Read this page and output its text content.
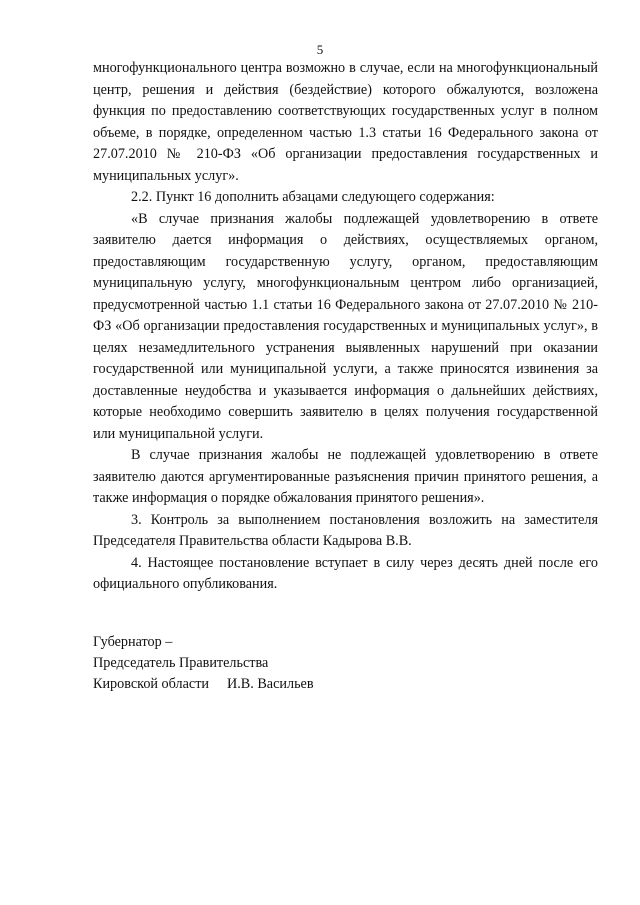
5

многофункционального центра возможно в случае, если на многофункциональный центр, решения и действия (бездействие) которого обжалуются, возложена функция по предоставлению соответствующих государственных услуг в полном объеме, в порядке, определенном частью 1.3 статьи 16 Федерального закона от 27.07.2010 № 210-ФЗ «Об организации предоставления государственных и муниципальных услуг».

2.2. Пункт 16 дополнить абзацами следующего содержания:

«В случае признания жалобы подлежащей удовлетворению в ответе заявителю дается информация о действиях, осуществляемых органом, предоставляющим государственную услугу, органом, предоставляющим муниципальную услугу, многофункциональным центром либо организацией, предусмотренной частью 1.1 статьи 16 Федерального закона от 27.07.2010 № 210-ФЗ «Об организации предоставления государственных и муниципальных услуг», в целях незамедлительного устранения выявленных нарушений при оказании государственной или муниципальной услуги, а также приносятся извинения за доставленные неудобства и указывается информация о дальнейших действиях, которые необходимо совершить заявителю в целях получения государственной или муниципальной услуги.

В случае признания жалобы не подлежащей удовлетворению в ответе заявителю даются аргументированные разъяснения причин принятого решения, а также информация о порядке обжалования принятого решения».

3. Контроль за выполнением постановления возложить на заместителя Председателя Правительства области Кадырова В.В.

4. Настоящее постановление вступает в силу через десять дней после его официального опубликования.

Губернатор –
Председатель Правительства
Кировской области И.В. Васильев
